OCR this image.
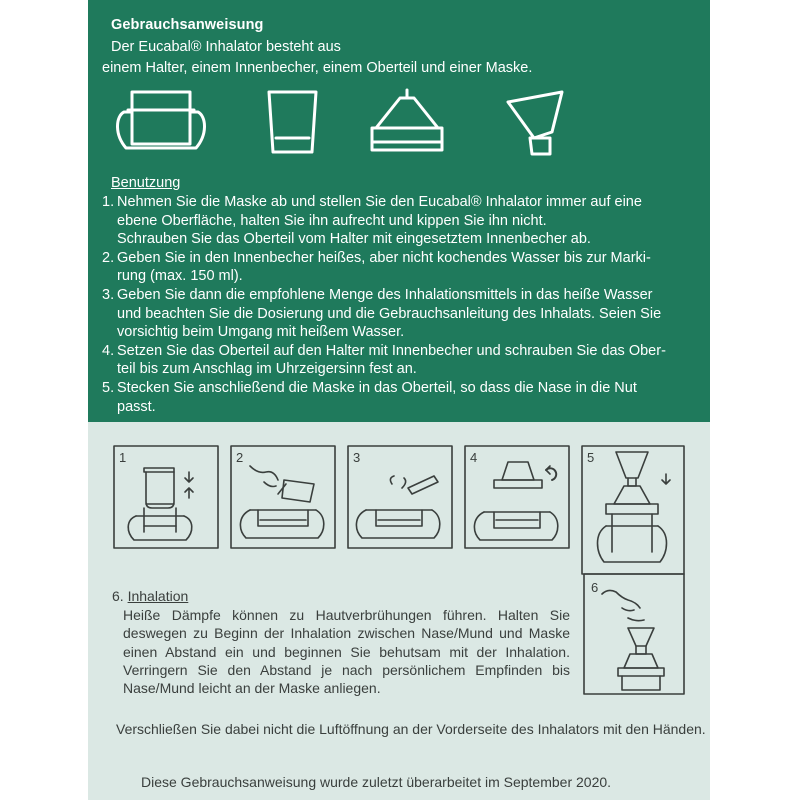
Gebrauchsanweisung
Der Eucabal® Inhalator besteht aus
einem Halter, einem Innenbecher, einem Oberteil und einer Maske.
Benutzung
1. Nehmen Sie die Maske ab und stellen Sie den Eucabal® Inhalator immer auf eine
ebene Oberfläche, halten Sie ihn aufrecht und kippen Sie ihn nicht.
Schrauben Sie das Oberteil vom Halter mit eingesetztem Innenbecher ab.
2. Geben Sie in den Innenbecher heißes, aber nicht kochendes Wasser bis zur Marki-
rung (max. 150 ml).
3. Geben Sie dann die empfohlene Menge des Inhalationsmittels in das heiße Wasser
und beachten Sie die Dosierung und die Gebrauchsanleitung des Inhalats. Seien Sie
vorsichtig beim Umgang mit heißem Wasser.
4. Setzen Sie das Oberteil auf den Halter mit Innenbecher und schrauben Sie das Ober-
teil bis zum Anschlag im Uhrzeigersinn fest an.
5. Stecken Sie anschließend die Maske in das Oberteil, so dass die Nase in die Nut
passt.
1	2	3	4	5
6
6. Inhalation
Heiße Dämpfe können zu Hautverbrühungen führen. Halten Sie deswegen zu Beginn der Inhalation zwischen Nase/Mund und Maske einen Abstand ein und beginnen Sie behutsam mit der Inhalation. Verringern Sie den Abstand je nach persönlichem Empfinden bis Nase/Mund leicht an der Maske anliegen.
Verschließen Sie dabei nicht die Luftöffnung an der Vorderseite des Inhalators mit den Händen.
Diese Gebrauchsanweisung wurde zuletzt überarbeitet im September 2020.
